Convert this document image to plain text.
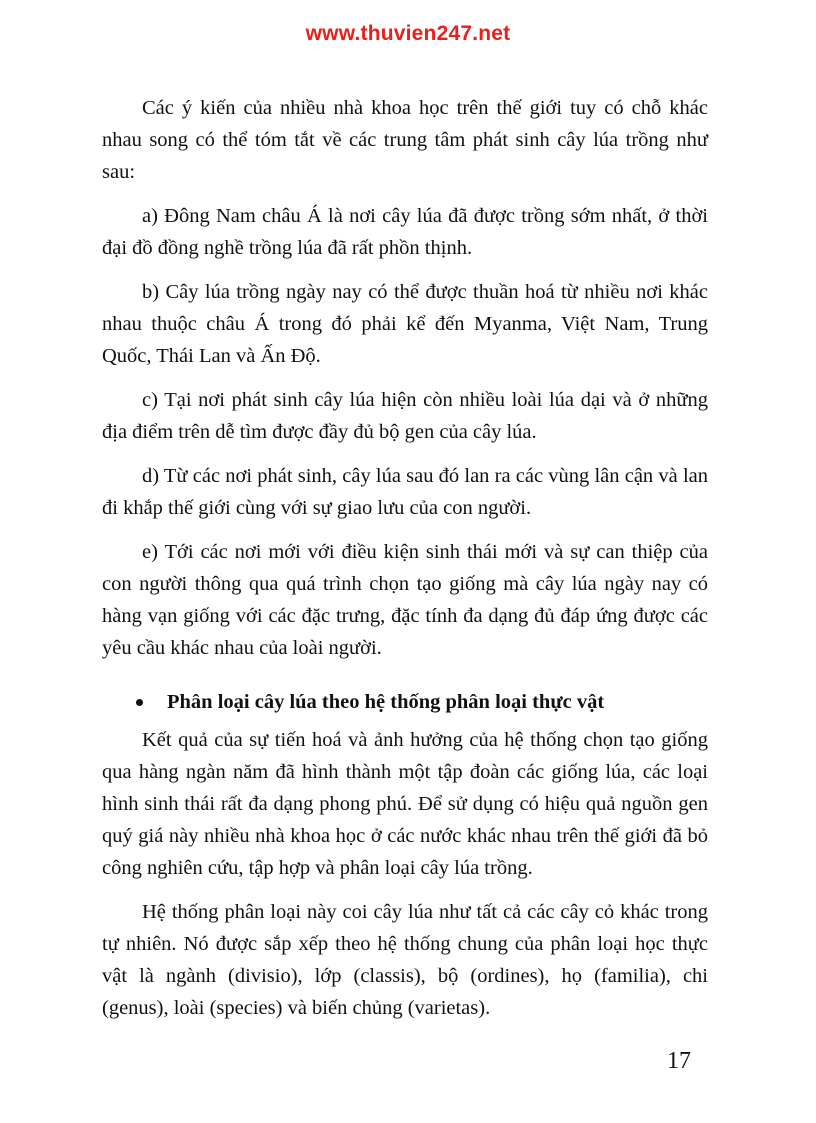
www.thuvien247.net

Các ý kiến của nhiều nhà khoa học trên thế giới tuy có chỗ khác nhau song có thể tóm tắt về các trung tâm phát sinh cây lúa trồng như sau:

a) Đông Nam châu Á là nơi cây lúa đã được trồng sớm nhất, ở thời đại đồ đồng nghề trồng lúa đã rất phồn thịnh.

b) Cây lúa trồng ngày nay có thể được thuần hoá từ nhiều nơi khác nhau thuộc châu Á trong đó phải kể đến Myanma, Việt Nam, Trung Quốc, Thái Lan và Ấn Độ.

c) Tại nơi phát sinh cây lúa hiện còn nhiều loài lúa dại và ở những địa điểm trên dễ tìm được đầy đủ bộ gen của cây lúa.

d) Từ các nơi phát sinh, cây lúa sau đó lan ra các vùng lân cận và lan đi khắp thế giới cùng với sự giao lưu của con người.

e) Tới các nơi mới với điều kiện sinh thái mới và sự can thiệp của con người thông qua quá trình chọn tạo giống mà cây lúa ngày nay có hàng vạn giống với các đặc trưng, đặc tính đa dạng đủ đáp ứng được các yêu cầu khác nhau của loài người.

Phân loại cây lúa theo hệ thống phân loại thực vật

Kết quả của sự tiến hoá và ảnh hưởng của hệ thống chọn tạo giống qua hàng ngàn năm đã hình thành một tập đoàn các giống lúa, các loại hình sinh thái rất đa dạng phong phú. Để sử dụng có hiệu quả nguồn gen quý giá này nhiều nhà khoa học ở các nước khác nhau trên thế giới đã bỏ công nghiên cứu, tập hợp và phân loại cây lúa trồng.

Hệ thống phân loại này coi cây lúa như tất cả các cây cỏ khác trong tự nhiên. Nó được sắp xếp theo hệ thống chung của phân loại học thực vật là ngành (divisio), lớp (classis), bộ (ordines), họ (familia), chi (genus), loài (species) và biến chủng (varietas).

17
